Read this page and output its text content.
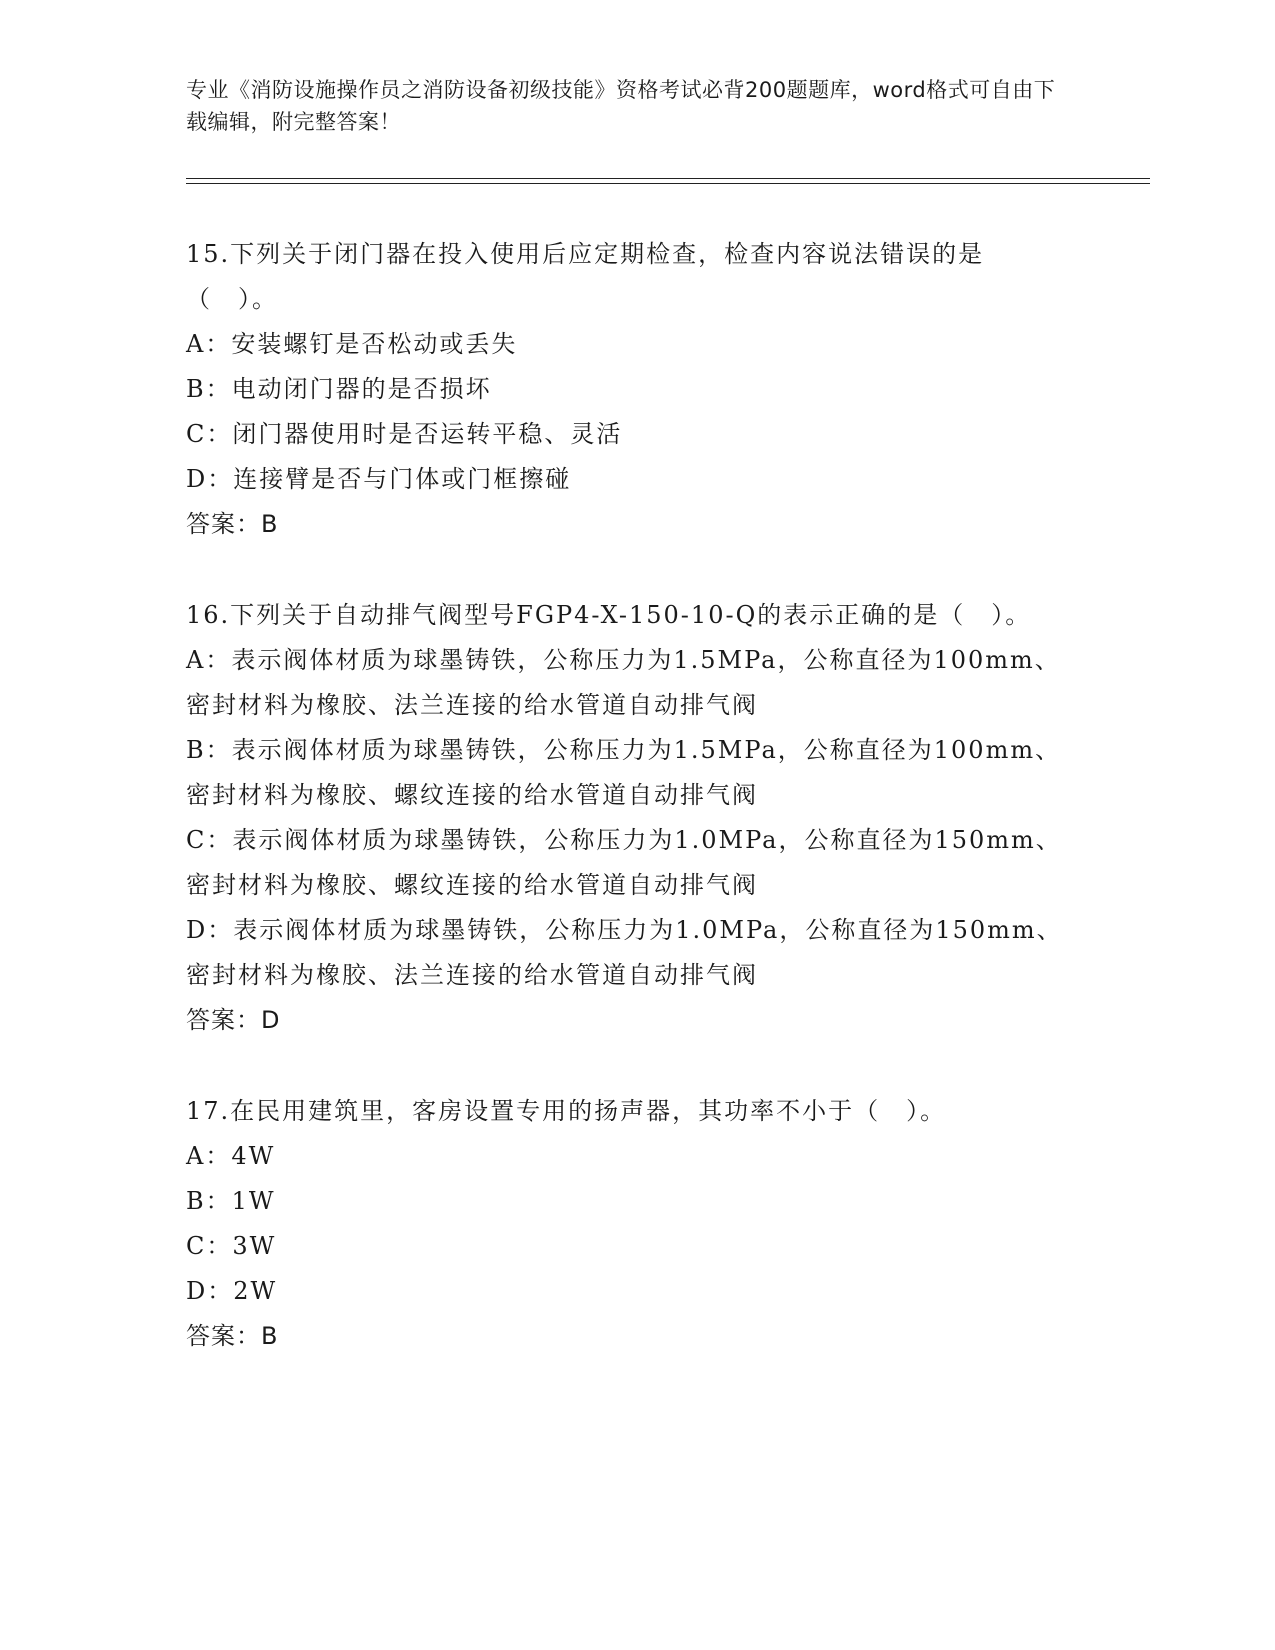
专业《消防设施操作员之消防设备初级技能》资格考试必背200题题库，word格式可自由下载编辑，附完整答案！

15.下列关于闭门器在投入使用后应定期检查，检查内容说法错误的是（　）。

A：安装螺钉是否松动或丢失

B：电动闭门器的是否损坏

C：闭门器使用时是否运转平稳、灵活

D：连接臂是否与门体或门框擦碰

答案：B

16.下列关于自动排气阀型号FGP4-X-150-10-Q的表示正确的是（　）。

A：表示阀体材质为球墨铸铁，公称压力为1.5MPa，公称直径为100mm、密封材料为橡胶、法兰连接的给水管道自动排气阀

B：表示阀体材质为球墨铸铁，公称压力为1.5MPa，公称直径为100mm、密封材料为橡胶、螺纹连接的给水管道自动排气阀

C：表示阀体材质为球墨铸铁，公称压力为1.0MPa，公称直径为150mm、密封材料为橡胶、螺纹连接的给水管道自动排气阀

D：表示阀体材质为球墨铸铁，公称压力为1.0MPa，公称直径为150mm、密封材料为橡胶、法兰连接的给水管道自动排气阀

答案：D

17.在民用建筑里，客房设置专用的扬声器，其功率不小于（　）。

A：4W

B：1W

C：3W

D：2W

答案：B
